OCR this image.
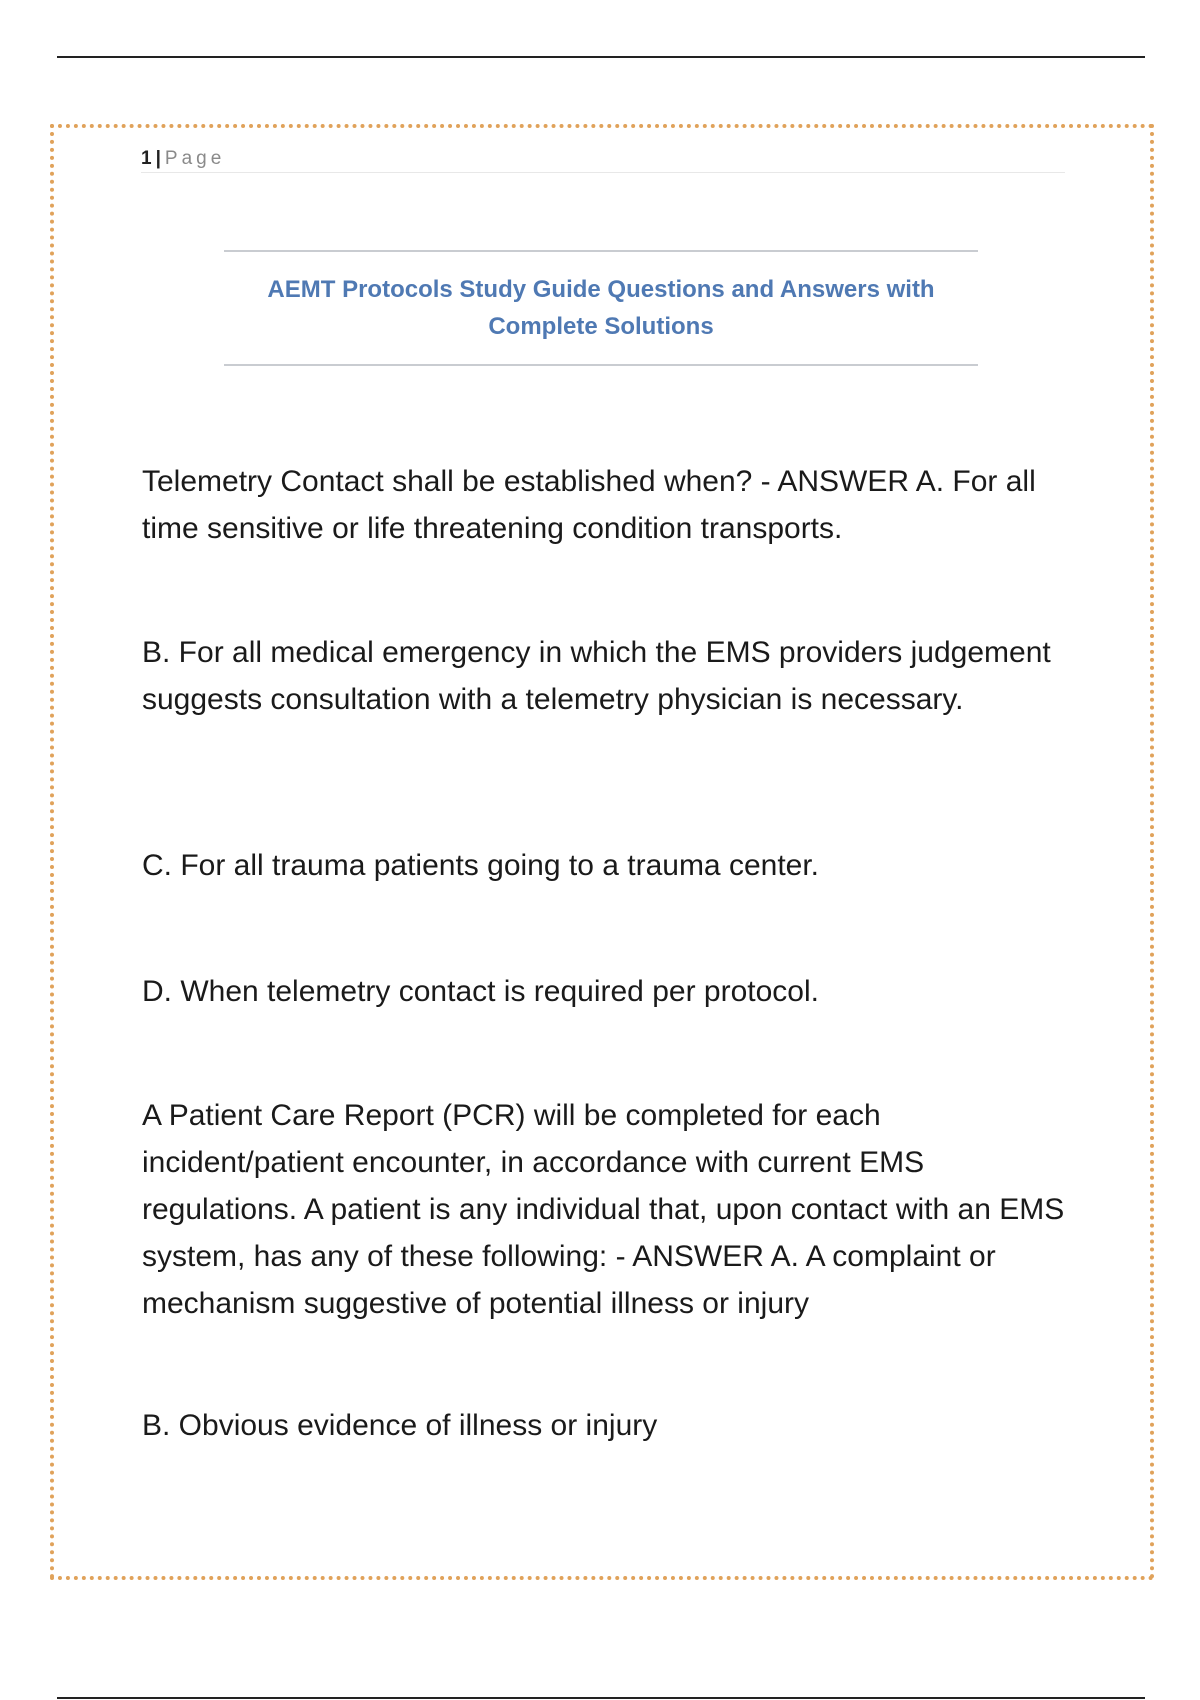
1 | Page

AEMT Protocols Study Guide Questions and Answers with
Complete Solutions

Telemetry Contact shall be established when? - ANSWER A. For all time sensitive or life threatening condition transports.

B. For all medical emergency in which the EMS providers judgement suggests consultation with a telemetry physician is necessary.

C. For all trauma patients going to a trauma center.

D. When telemetry contact is required per protocol.

A Patient Care Report (PCR) will be completed for each incident/patient encounter, in accordance with current EMS regulations. A patient is any individual that, upon contact with an EMS system, has any of these following: - ANSWER A. A complaint or mechanism suggestive of potential illness or injury

B. Obvious evidence of illness or injury
